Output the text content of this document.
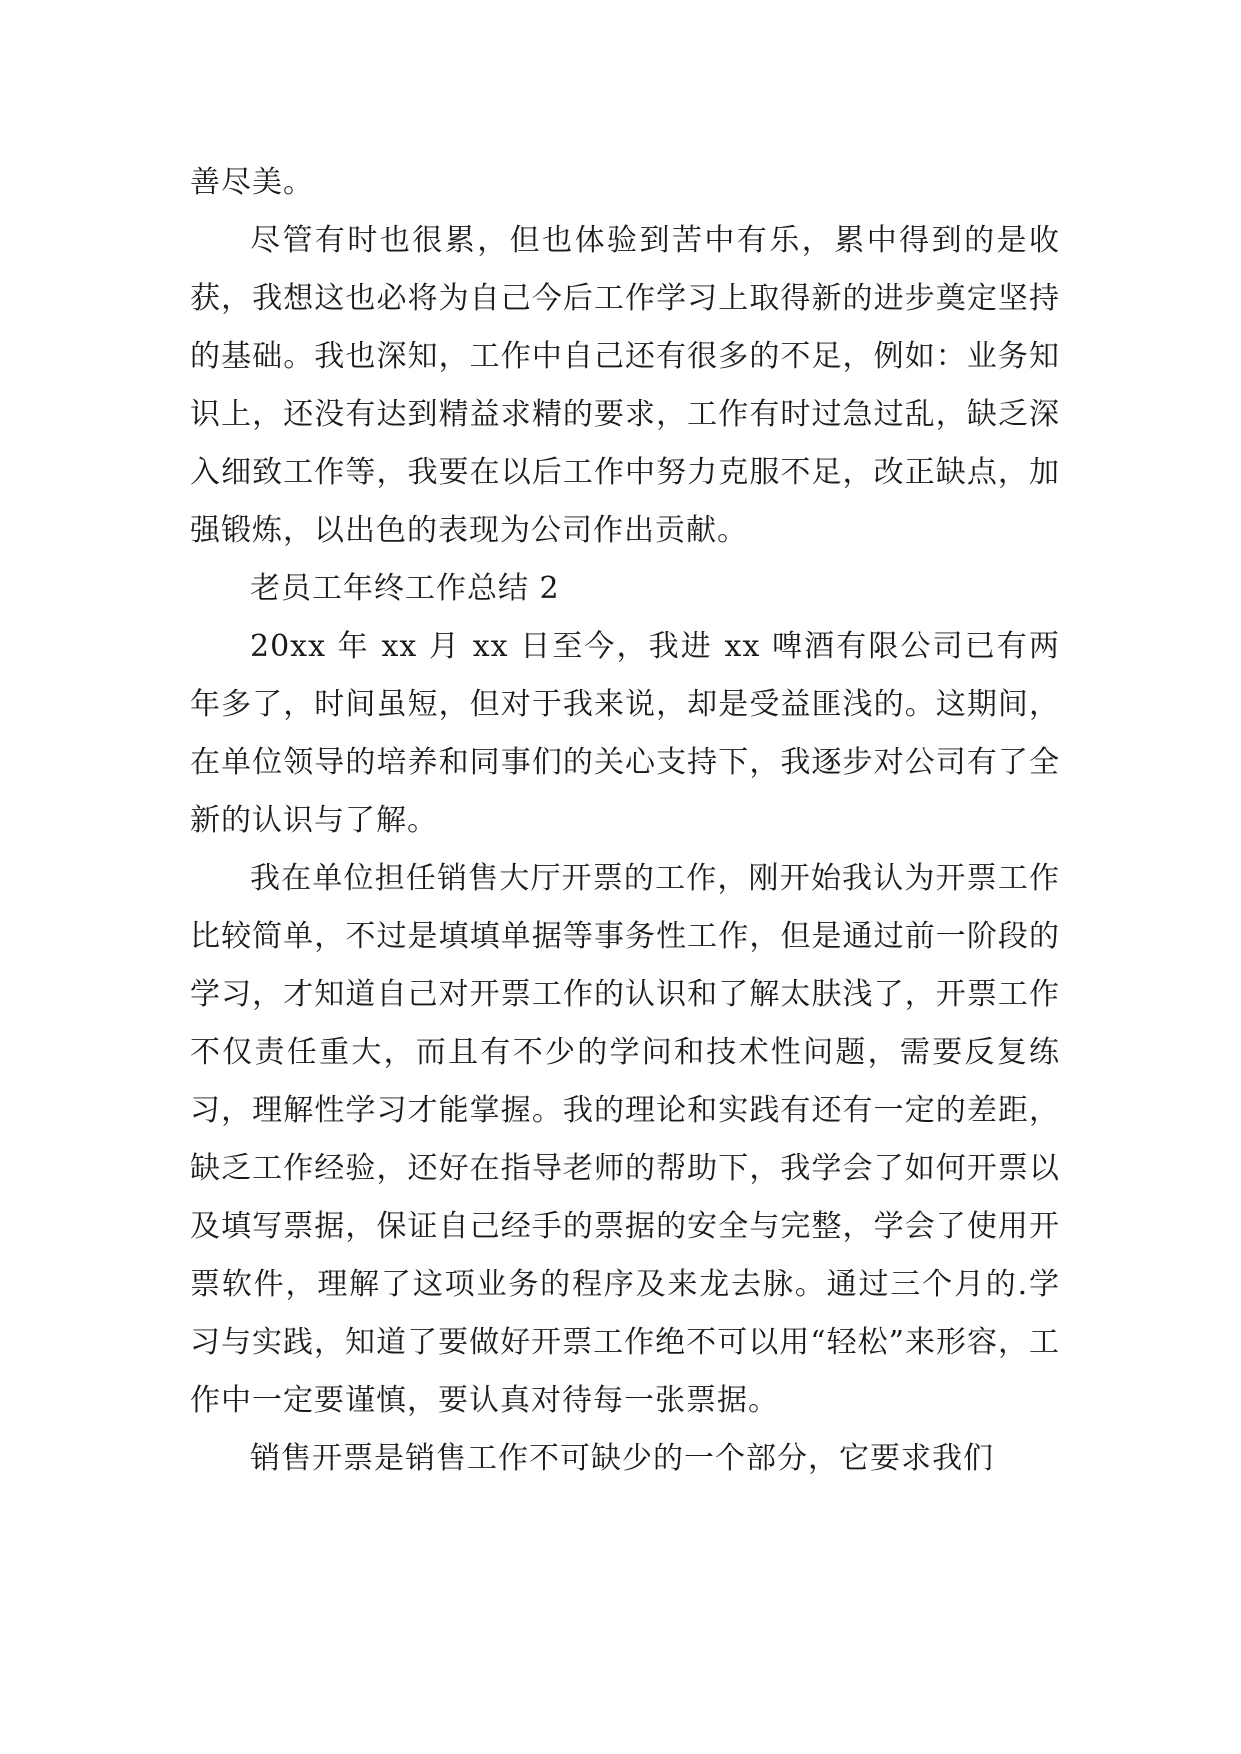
善尽美。

尽管有时也很累，但也体验到苦中有乐，累中得到的是收获，我想这也必将为自己今后工作学习上取得新的进步奠定坚持的基础。我也深知，工作中自己还有很多的不足，例如：业务知识上，还没有达到精益求精的要求，工作有时过急过乱，缺乏深入细致工作等，我要在以后工作中努力克服不足，改正缺点，加强锻炼，以出色的表现为公司作出贡献。

老员工年终工作总结 2

20xx 年 xx 月 xx 日至今，我进 xx 啤酒有限公司已有两年多了，时间虽短，但对于我来说，却是受益匪浅的。这期间，在单位领导的培养和同事们的关心支持下，我逐步对公司有了全新的认识与了解。

我在单位担任销售大厅开票的工作，刚开始我认为开票工作比较简单，不过是填填单据等事务性工作，但是通过前一阶段的学习，才知道自己对开票工作的认识和了解太肤浅了，开票工作不仅责任重大，而且有不少的学问和技术性问题，需要反复练习，理解性学习才能掌握。我的理论和实践有还有一定的差距，缺乏工作经验，还好在指导老师的帮助下，我学会了如何开票以及填写票据，保证自己经手的票据的安全与完整，学会了使用开票软件，理解了这项业务的程序及来龙去脉。通过三个月的.学习与实践，知道了要做好开票工作绝不可以用“轻松”来形容，工作中一定要谨慎，要认真对待每一张票据。

销售开票是销售工作不可缺少的一个部分，它要求我们
